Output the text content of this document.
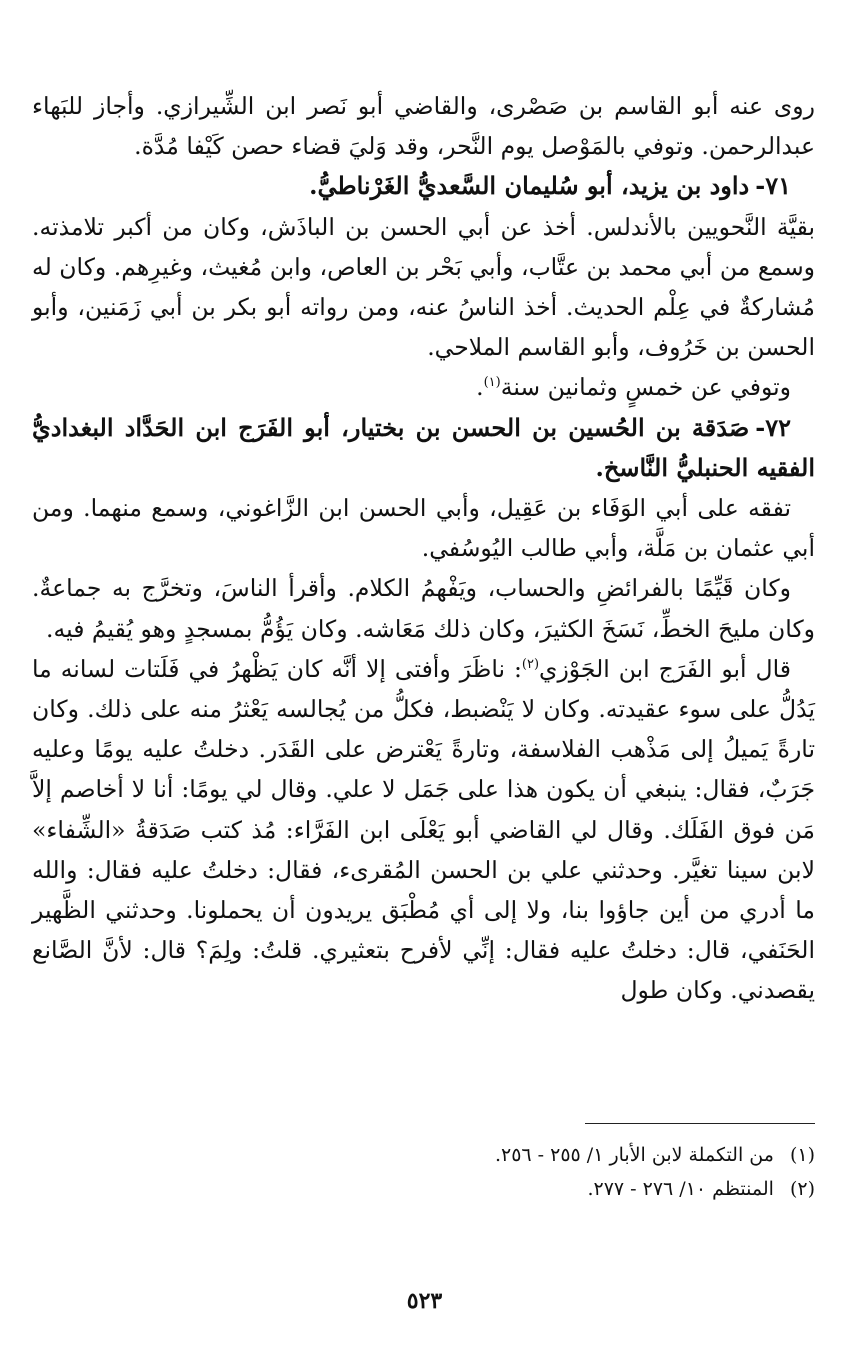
روى عنه أبو القاسم بن صَصْرى، والقاضي أبو نَصر ابن الشِّيرازي. وأجاز للبَهاء عبدالرحمن. وتوفي بالمَوْصل يوم النَّحر، وقد وَليَ قضاء حصن كَيْفا مُدَّة.

٧١-داود بن يزيد، أبو سُليمان السَّعديُّ الغَرْناطيُّ.

بقيَّة النَّحويين بالأندلس. أخذ عن أبي الحسن بن الباذَش، وكان من أكبر تلامذته. وسمع من أبي محمد بن عتَّاب، وأبي بَحْر بن العاص، وابن مُغيث، وغيرِهم. وكان له مُشاركةٌ في عِلْم الحديث. أخذ الناسُ عنه، ومن رواته أبو بكر بن أبي زَمَنين، وأبو الحسن بن خَرُوف، وأبو القاسم الملاحي.

وتوفي عن خمسٍ وثمانين سنة$^{(١)}$.

٧٢-صَدَقة بن الحُسين بن الحسن بن بختيار، أبو الفَرَج ابن الحَدَّاد البغداديُّ الفقيه الحنبليُّ النَّاسخ.

تفقه على أبي الوَفَاء بن عَقِيل، وأبي الحسن ابن الزَّاغوني، وسمع منهما. ومن أبي عثمان بن مَلَّة، وأبي طالب اليُوسُفي.

وكان قَيِّمًا بالفرائضِ والحساب، ويَفْهمُ الكلام. وأقرأ الناسَ، وتخرَّج به جماعةٌ. وكان مليحَ الخطِّ، نَسَخَ الكثيرَ، وكان ذلك مَعَاشه. وكان يَؤُمُّ بمسجدٍ وهو يُقيمُ فيه.

قال أبو الفَرَج ابن الجَوْزي$^{(٢)}$: ناظَرَ وأفتى إلا أنَّه كان يَظْهرُ في فَلَتات لسانه ما يَدُلُّ على سوء عقيدته. وكان لا يَنْضبط، فكلُّ من يُجالسه يَعْثرُ منه على ذلك. وكان تارةً يَميلُ إلى مَذْهب الفلاسفة، وتارةً يَعْترض على القَدَر. دخلتُ عليه يومًا وعليه جَرَبٌ، فقال: ينبغي أن يكون هذا على جَمَل لا علي. وقال لي يومًا: أنا لا أخاصم إلاَّ مَن فوق الفَلَك. وقال لي القاضي أبو يَعْلَى ابن الفَرَّاء: مُذ كتب صَدَقةُ «الشِّفاء» لابن سينا تغيَّر. وحدثني علي بن الحسن المُقرىء، فقال: دخلتُ عليه فقال: والله ما أدري من أين جاؤوا بنا، ولا إلى أي مُطْبَق يريدون أن يحملونا. وحدثني الظَّهير الحَنَفي، قال: دخلتُ عليه فقال: إنِّي لأفرح بتعثيري. قلتُ: ولِمَ؟ قال: لأنَّ الصَّانع يقصدني. وكان طول

(١)من التكملة لابن الأبار ١/ ٢٥٥ - ٢٥٦.

(٢)المنتظم ١٠/ ٢٧٦ - ٢٧٧.

٥٢٣
